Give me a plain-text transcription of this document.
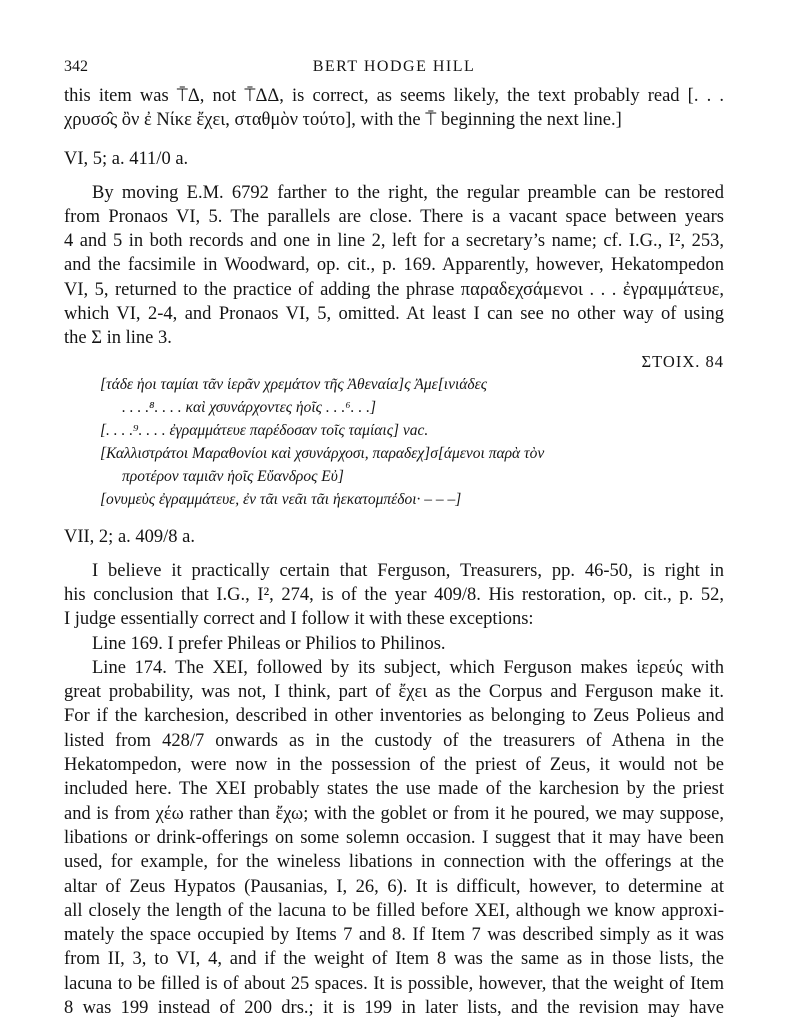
342	BERT HODGE HILL
this item was ⍑Δ, not ⍑ΔΔ, is correct, as seems likely, the text probably read [. . .
χρυσο̂ς ὂν ἐ Νίκε ἔχει, σταθμὸν τούτο], with the ⍑ beginning the next line.]
VI, 5; a. 411/0 a.
By moving E.M. 6792 farther to the right, the regular preamble can be restored
from Pronaos VI, 5. The parallels are close. There is a vacant space between years
4 and 5 in both records and one in line 2, left for a secretary’s name; cf. I.G., I², 253,
and the facsimile in Woodward, op. cit., p. 169. Apparently, however, Hekatompedon
VI, 5, returned to the practice of adding the phrase παραδεχσάμενοι . . . ἐγραμμάτευε,
which VI, 2-4, and Pronaos VI, 5, omitted. At least I can see no other way of using
the Σ in line 3.
ΣTOIX. 84
[τάδε ἡοι ταμίαι τᾶν ἱερᾶν χρεμάτον τῆς Ἀθεναία]ς Ἀμε[ινιάδες
. . . .⁸. . . . καὶ χσυνάρχοντες ἡοῖς . . .⁶. . .]
[. . . .⁹. . . . ἐγραμμάτευε παρέδοσαν τοῖς ταμίαις] vac.
[Καλλιστράτοι Μαραθονίοι καὶ χσυνάρχοσι, παραδεχ]σ[άμενοι παρὰ τὸν
προτέρον ταμιᾶν ἡοῖς Εὔανδρος Εὐ]
[ονυμεὺς ἐγραμμάτευε, ἐν τᾶι νεᾶι τᾶι ἡεκατομπέδοι· – – –]
VII, 2; a. 409/8 a.
I believe it practically certain that Ferguson, Treasurers, pp. 46-50, is right in
his conclusion that I.G., I², 274, is of the year 409/8. His restoration, op. cit., p. 52,
I judge essentially correct and I follow it with these exceptions:
Line 169. I prefer Phileas or Philios to Philinos.
Line 174. The XEI, followed by its subject, which Ferguson makes ἱερεύς with
great probability, was not, I think, part of ἔχει as the Corpus and Ferguson make it.
For if the karchesion, described in other inventories as belonging to Zeus Polieus and
listed from 428/7 onwards as in the custody of the treasurers of Athena in the
Hekatompedon, were now in the possession of the priest of Zeus, it would not be
included here. The XEI probably states the use made of the karchesion by the priest
and is from χέω rather than ἔχω; with the goblet or from it he poured, we may suppose,
libations or drink-offerings on some solemn occasion. I suggest that it may have been
used, for example, for the wineless libations in connection with the offerings at the
altar of Zeus Hypatos (Pausanias, I, 26, 6). It is difficult, however, to determine at
all closely the length of the lacuna to be filled before XEI, although we know approxi-
mately the space occupied by Items 7 and 8. If Item 7 was described simply as it was
from II, 3, to VI, 4, and if the weight of Item 8 was the same as in those lists, the
lacuna to be filled is of about 25 spaces. It is possible, however, that the weight of Item
8 was 199 instead of 200 drs.; it is 199 in later lists, and the revision may have
